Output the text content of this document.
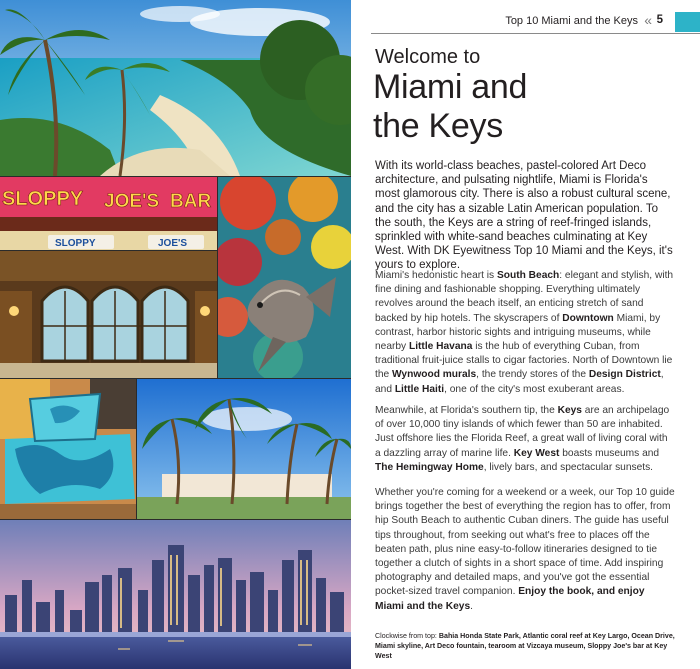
SLOPPY JOE'S BAR
SLOPPY	JOE'S
Top 10 Miami and the Keys « 5
Welcome to
Miami and
the Keys

With its world-class beaches, pastel-colored Art Deco architecture, and pulsating nightlife, Miami is Florida's most glamorous city. There is also a robust cultural scene, and the city has a sizable Latin American population. To the south, the Keys are a string of reef-fringed islands, sprinkled with white-sand beaches culminating at Key West. With DK Eyewitness Top 10 Miami and the Keys, it's yours to explore.

Miami's hedonistic heart is South Beach: elegant and stylish, with fine dining and fashionable shopping. Everything ultimately revolves around the beach itself, an enticing stretch of sand backed by hip hotels. The skyscrapers of Downtown Miami, by contrast, harbor historic sights and intriguing museums, while nearby Little Havana is the hub of everything Cuban, from traditional fruit-juice stalls to cigar factories. North of Downtown lie the Wynwood murals, the trendy stores of the Design District, and Little Haiti, one of the city's most exuberant areas.

Meanwhile, at Florida's southern tip, the Keys are an archipelago of over 10,000 tiny islands of which fewer than 50 are inhabited. Just offshore lies the Florida Reef, a great wall of living coral with a dazzling array of marine life. Key West boasts museums and The Hemingway Home, lively bars, and spectacular sunsets.

Whether you're coming for a weekend or a week, our Top 10 guide brings together the best of everything the region has to offer, from hip South Beach to authentic Cuban diners. The guide has useful tips throughout, from seeking out what's free to places off the beaten path, plus nine easy-to-follow itineraries designed to tie together a clutch of sights in a short space of time. Add inspiring photography and detailed maps, and you've got the essential pocket-sized travel companion. Enjoy the book, and enjoy Miami and the Keys.

Clockwise from top: Bahia Honda State Park, Atlantic coral reef at Key Largo, Ocean Drive, Miami skyline, Art Deco fountain, tearoom at Vizcaya museum, Sloppy Joe's bar at Key West
